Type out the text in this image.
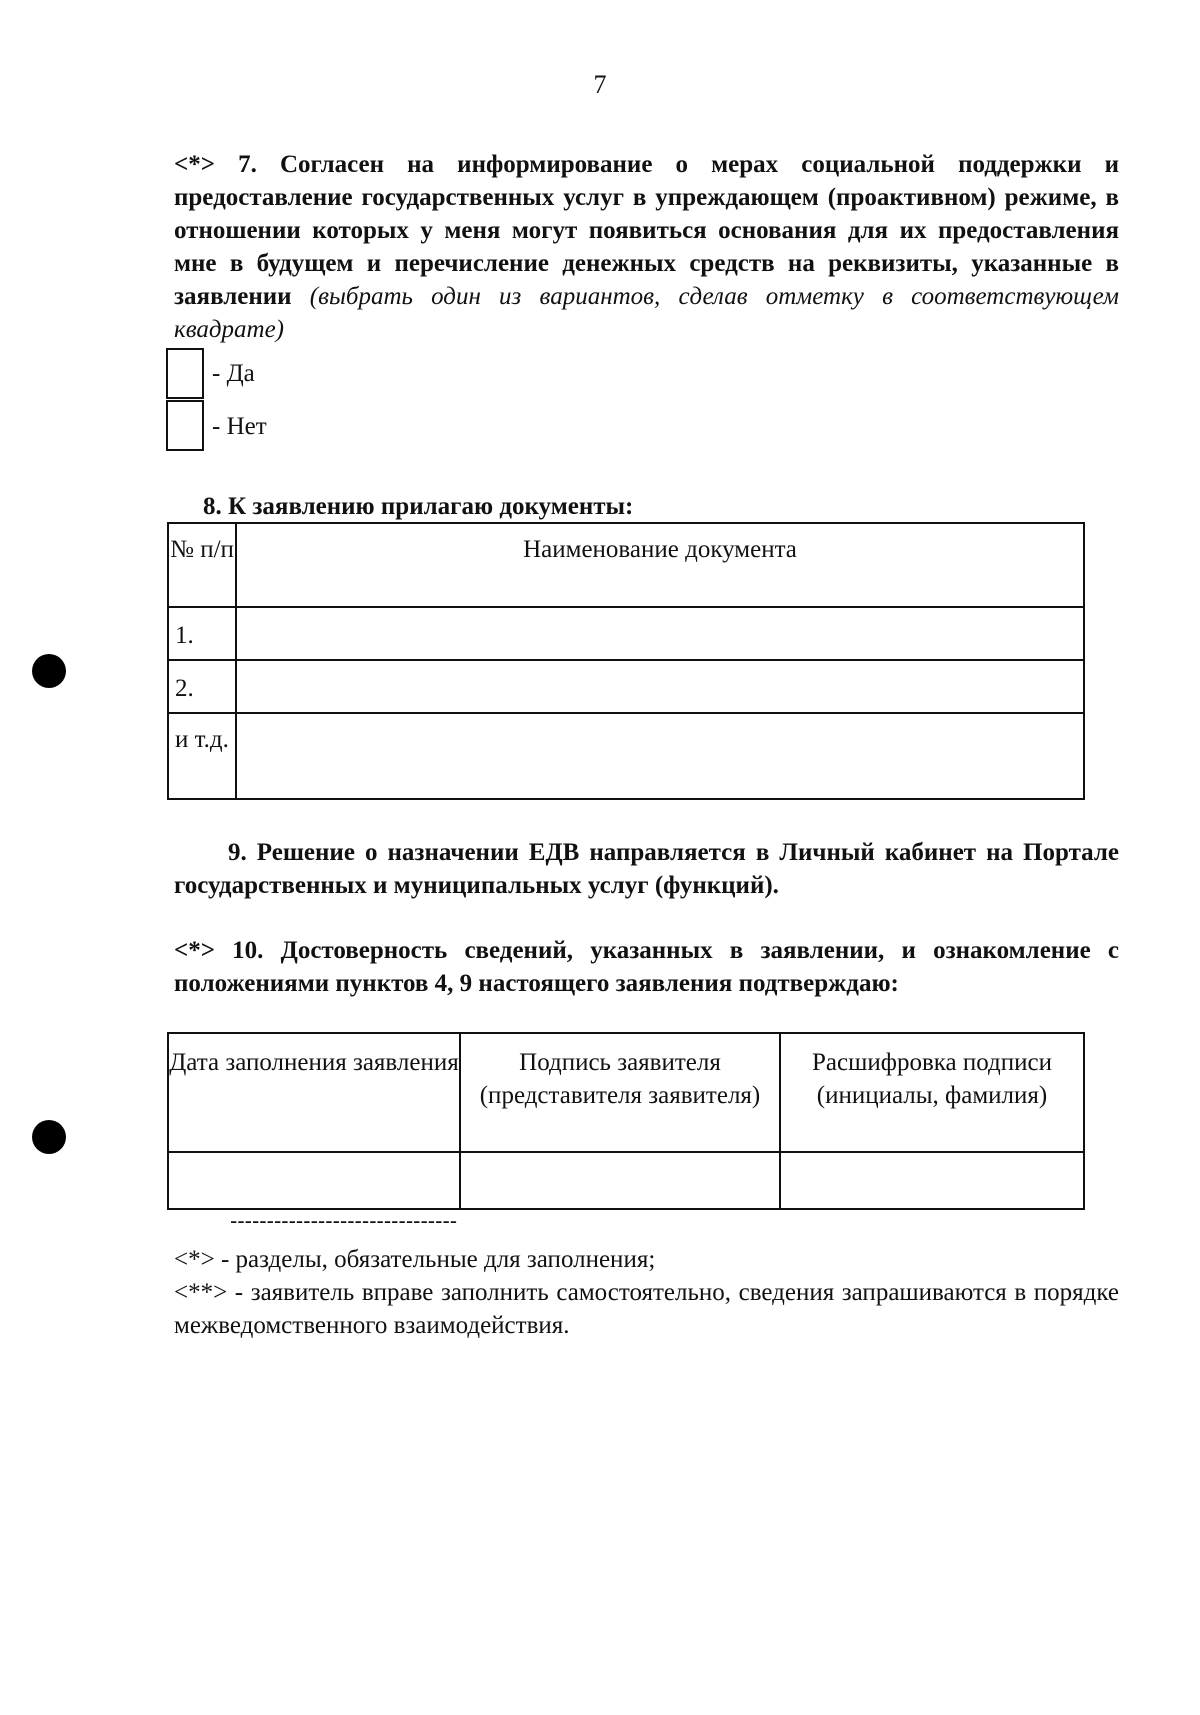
7
<*> 7. Согласен на информирование о мерах социальной поддержки и предоставление государственных услуг в упреждающем (проактивном) режиме, в отношении которых у меня могут появиться основания для их предоставления мне в будущем и перечисление денежных средств на реквизиты, указанные в заявлении (выбрать один из вариантов, сделав отметку в соответствующем квадрате)
- Да
- Нет
8. К заявлению прилагаю документы:
№ п/п	Наименование документа
1.	
2.	
и т.д.	
9. Решение о назначении ЕДВ направляется в Личный кабинет на Портале государственных и муниципальных услуг (функций).
<*> 10. Достоверность сведений, указанных в заявлении, и ознакомление с положениями пунктов 4, 9 настоящего заявления подтверждаю:
Дата заполнения заявления	Подпись заявителя (представителя заявителя)	Расшифровка подписи (инициалы, фамилия)

-------------------------------
<*> - разделы, обязательные для заполнения;
<**> - заявитель вправе заполнить самостоятельно, сведения запрашиваются в порядке межведомственного взаимодействия.
